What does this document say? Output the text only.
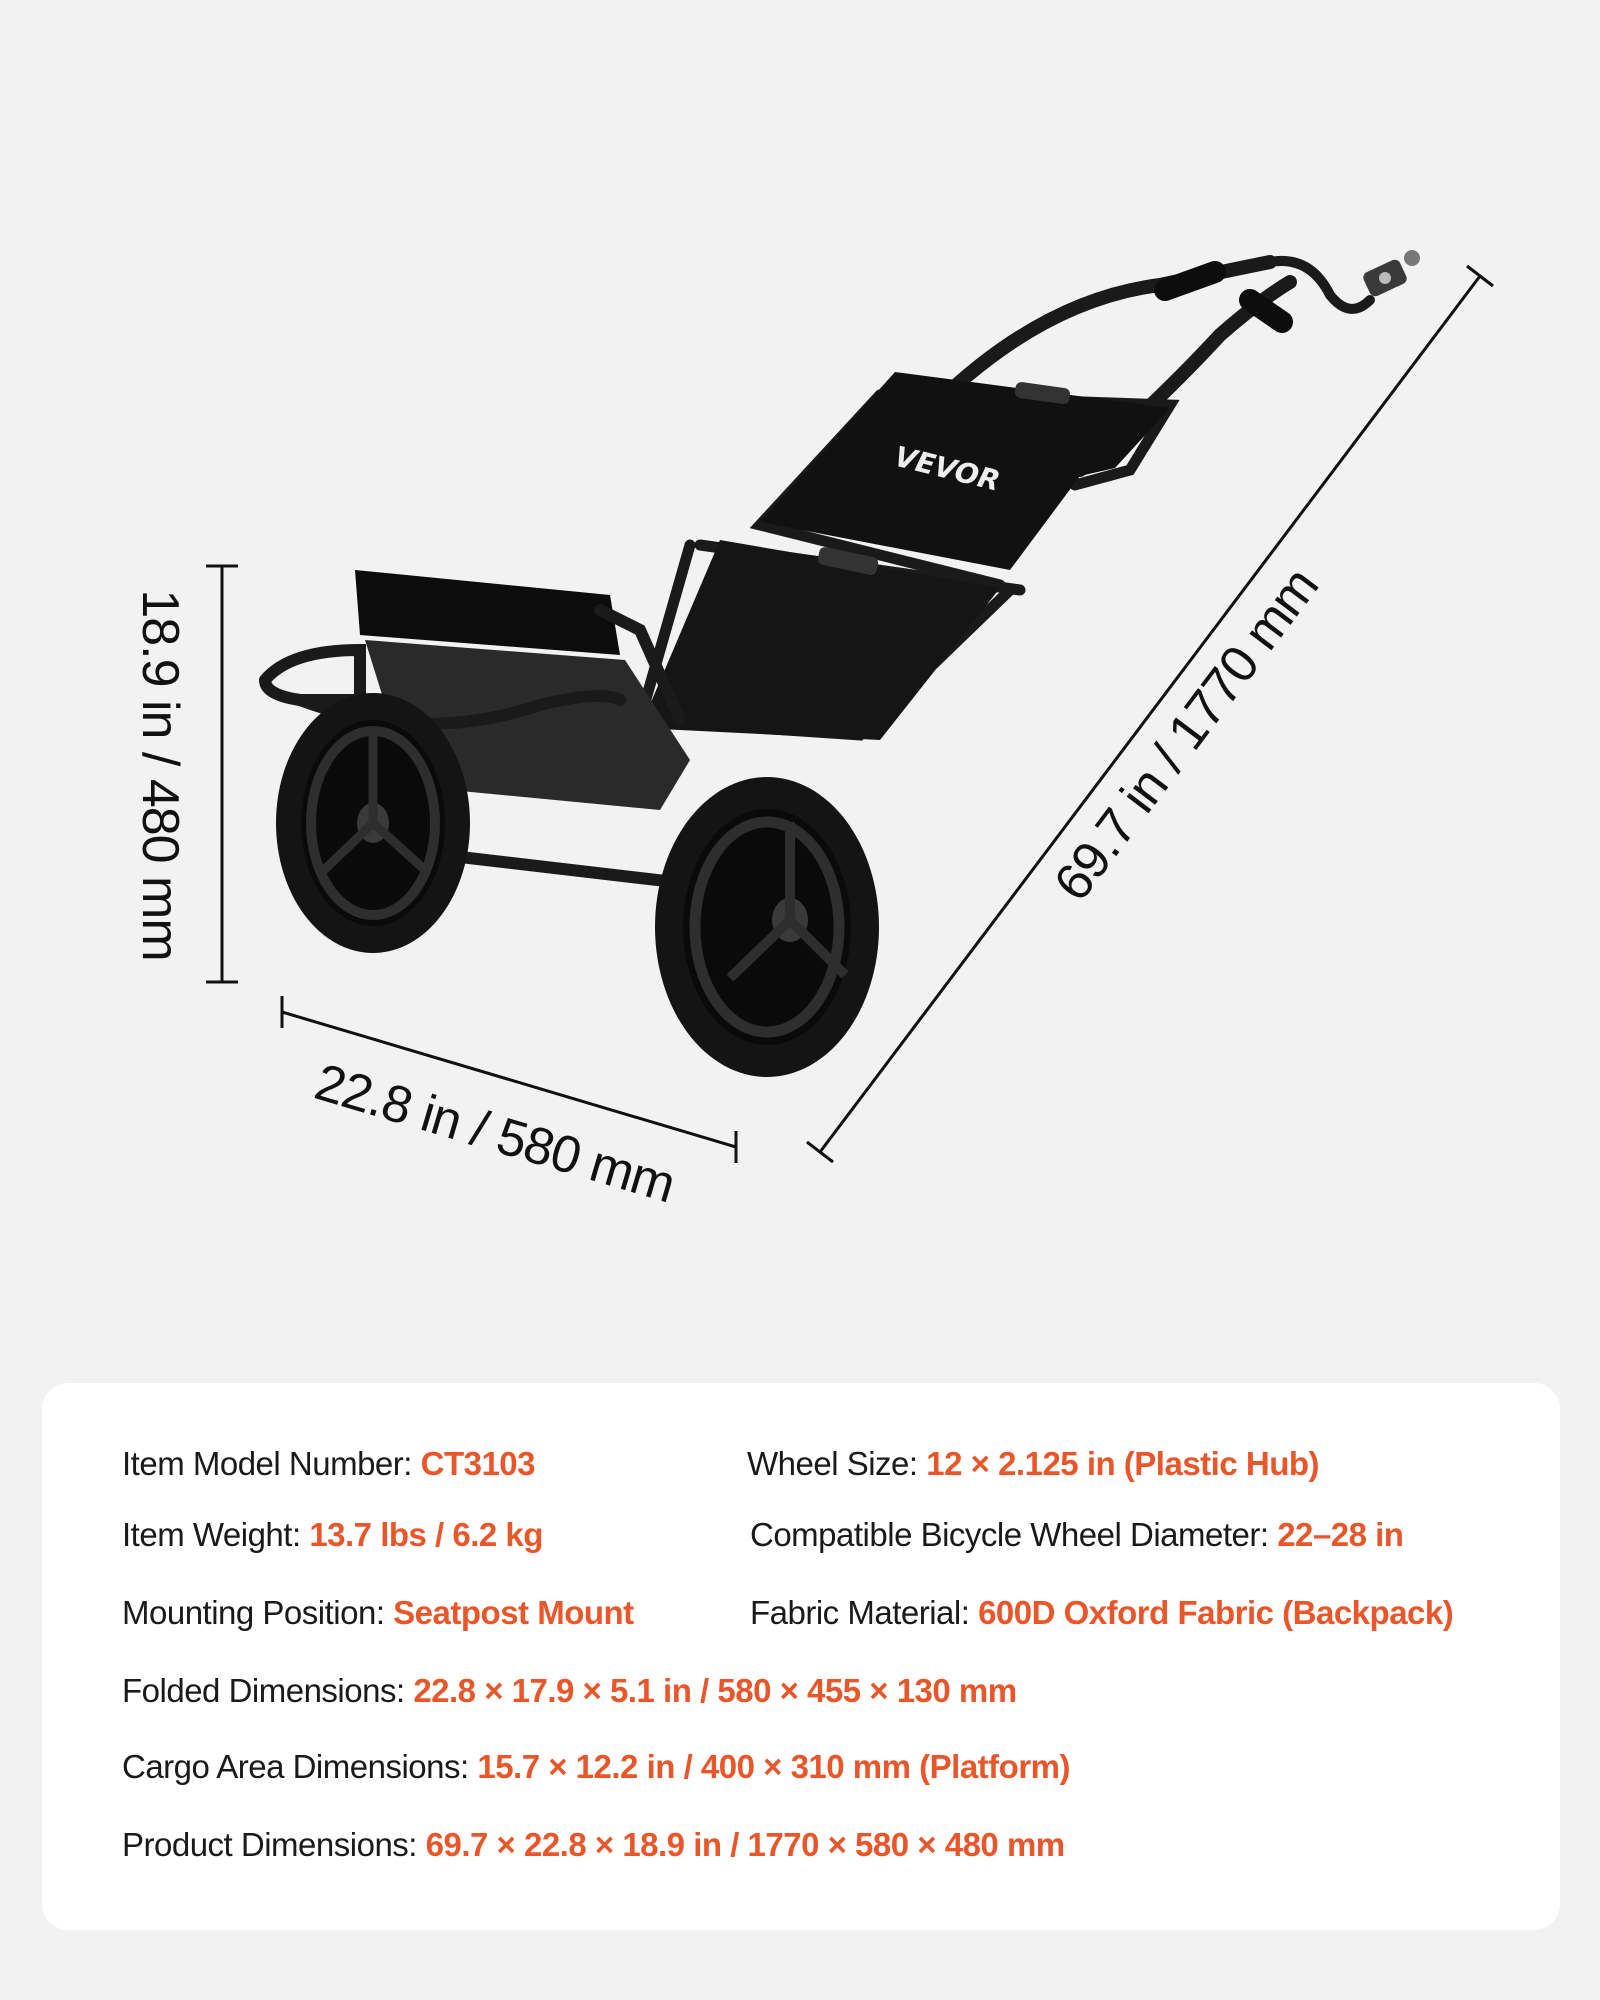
18.9 in / 480 mm
22.8 in / 580 mm
69.7 in / 1770 mm
VEVOR
Item Model Number: CT3103	Wheel Size: 12 × 2.125 in (Plastic Hub)
Item Weight: 13.7 lbs / 6.2 kg	Compatible Bicycle Wheel Diameter: 22–28 in
Mounting Position: Seatpost Mount	Fabric Material: 600D Oxford Fabric (Backpack)
Folded Dimensions: 22.8 × 17.9 × 5.1 in / 580 × 455 × 130 mm
Cargo Area Dimensions: 15.7 × 12.2 in / 400 × 310 mm (Platform)
Product Dimensions: 69.7 × 22.8 × 18.9 in / 1770 × 580 × 480 mm
